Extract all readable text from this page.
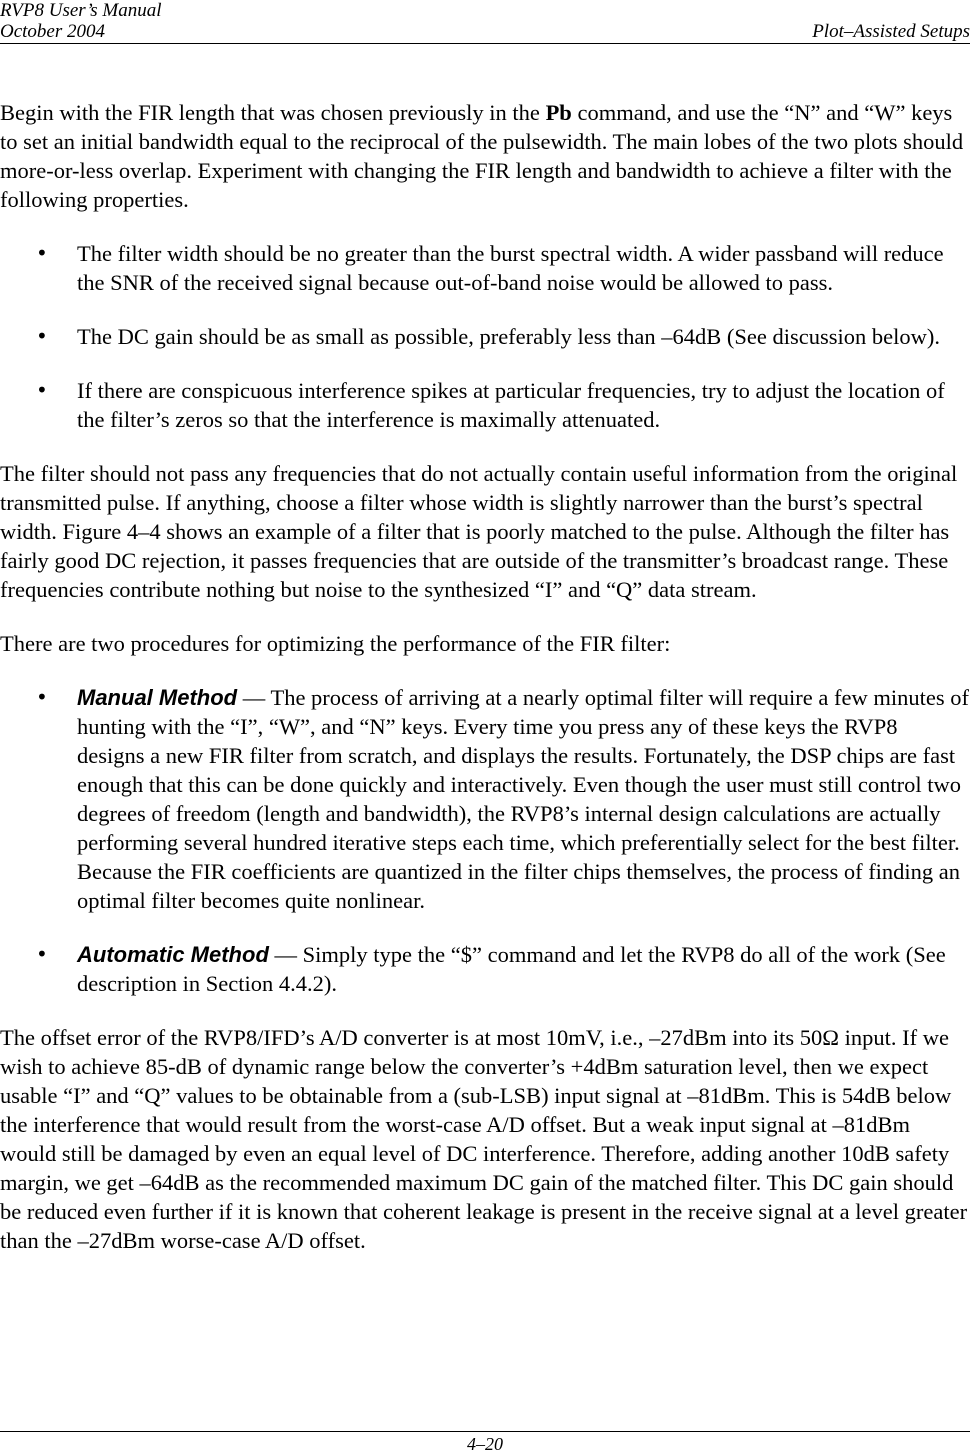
RVP8 User’s Manual
October 2004	Plot–Assisted Setups

Begin with the FIR length that was chosen previously in the Pb command, and use the “N” and “W” keys to set an initial bandwidth equal to the reciprocal of the pulsewidth. The main lobes of the two plots should more-or-less overlap. Experiment with changing the FIR length and bandwidth to achieve a filter with the following properties.

• The filter width should be no greater than the burst spectral width. A wider passband will reduce the SNR of the received signal because out-of-band noise would be allowed to pass.
• The DC gain should be as small as possible, preferably less than –64dB (See discussion below).
• If there are conspicuous interference spikes at particular frequencies, try to adjust the location of the filter’s zeros so that the interference is maximally attenuated.

The filter should not pass any frequencies that do not actually contain useful information from the original transmitted pulse. If anything, choose a filter whose width is slightly narrower than the burst’s spectral width. Figure 4–4 shows an example of a filter that is poorly matched to the pulse. Although the filter has fairly good DC rejection, it passes frequencies that are outside of the transmitter’s broadcast range. These frequencies contribute nothing but noise to the synthesized “I” and “Q” data stream.

There are two procedures for optimizing the performance of the FIR filter:

• Manual Method — The process of arriving at a nearly optimal filter will require a few minutes of hunting with the “I”, “W”, and “N” keys. Every time you press any of these keys the RVP8 designs a new FIR filter from scratch, and displays the results. Fortunately, the DSP chips are fast enough that this can be done quickly and interactively. Even though the user must still control two degrees of freedom (length and bandwidth), the RVP8’s internal design calculations are actually performing several hundred iterative steps each time, which preferentially select for the best filter. Because the FIR coefficients are quantized in the filter chips themselves, the process of finding an optimal filter becomes quite nonlinear.
• Automatic Method — Simply type the “$” command and let the RVP8 do all of the work (See description in Section 4.4.2).

The offset error of the RVP8/IFD’s A/D converter is at most 10mV, i.e., –27dBm into its 50Ω input. If we wish to achieve 85-dB of dynamic range below the converter’s +4dBm saturation level, then we expect usable “I” and “Q” values to be obtainable from a (sub-LSB) input signal at –81dBm. This is 54dB below the interference that would result from the worst-case A/D offset. But a weak input signal at –81dBm would still be damaged by even an equal level of DC interference. Therefore, adding another 10dB safety margin, we get –64dB as the recommended maximum DC gain of the matched filter. This DC gain should be reduced even further if it is known that coherent leakage is present in the receive signal at a level greater than the –27dBm worse-case A/D offset.

4–20
